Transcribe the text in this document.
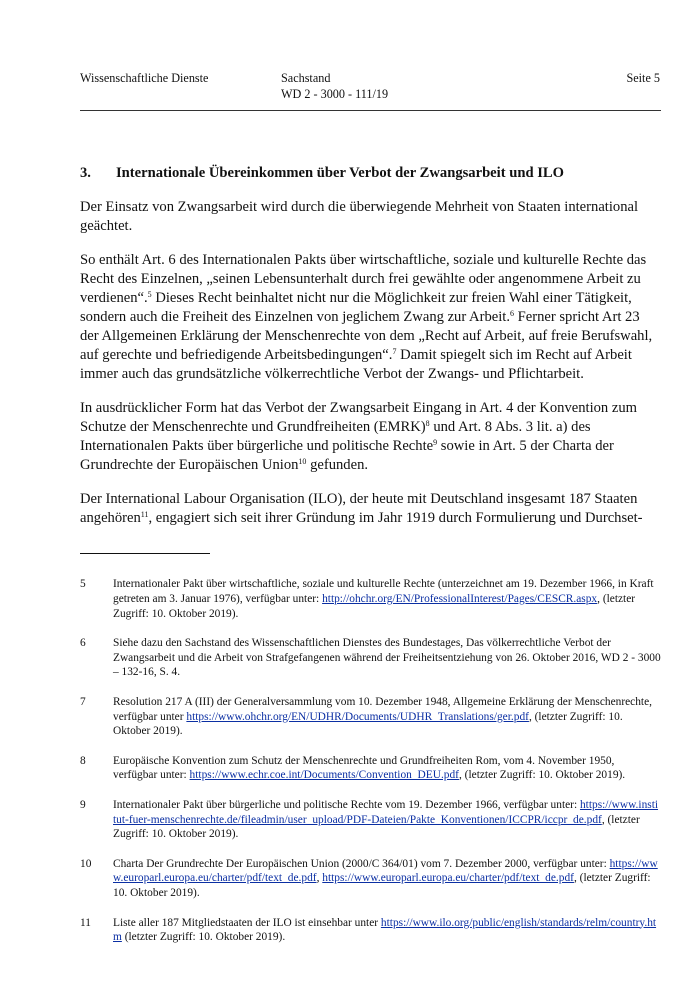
Wissenschaftliche Dienste	Sachstand
WD 2 - 3000 - 111/19
Seite 5
3.	Internationale Übereinkommen über Verbot der Zwangsarbeit und ILO

Der Einsatz von Zwangsarbeit wird durch die überwiegende Mehrheit von Staaten international geächtet.

So enthält Art. 6 des Internationalen Pakts über wirtschaftliche, soziale und kulturelle Rechte das Recht des Einzelnen, „seinen Lebensunterhalt durch frei gewählte oder angenommene Arbeit zu verdienen“.$^5$ Dieses Recht beinhaltet nicht nur die Möglichkeit zur freien Wahl einer Tätigkeit, sondern auch die Freiheit des Einzelnen von jeglichem Zwang zur Arbeit.$^6$ Ferner spricht Art 23 der Allgemeinen Erklärung der Menschenrechte von dem „Recht auf Arbeit, auf freie Berufswahl, auf gerechte und befriedigende Arbeitsbedingungen“.$^7$ Damit spiegelt sich im Recht auf Arbeit immer auch das grundsätzliche völkerrechtliche Verbot der Zwangs- und Pflichtarbeit.

In ausdrücklicher Form hat das Verbot der Zwangsarbeit Eingang in Art. 4 der Konvention zum Schutze der Menschenrechte und Grundfreiheiten (EMRK)$^8$ und Art. 8 Abs. 3 lit. a) des Internationalen Pakts über bürgerliche und politische Rechte$^9$ sowie in Art. 5 der Charta der Grundrechte der Europäischen Union$^{10}$ gefunden.

Der International Labour Organisation (ILO), der heute mit Deutschland insgesamt 187 Staaten angehören$^{11}$, engagiert sich seit ihrer Gründung im Jahr 1919 durch Formulierung und Durchset-

5	Internationaler Pakt über wirtschaftliche, soziale und kulturelle Rechte (unterzeichnet am 19. Dezember 1966, in Kraft getreten am 3. Januar 1976), verfügbar unter: http://ohchr.org/EN/ProfessionalInterest/Pages/CESCR.aspx, (letzter Zugriff: 10. Oktober 2019).
6	Siehe dazu den Sachstand des Wissenschaftlichen Dienstes des Bundestages, Das völkerrechtliche Verbot der Zwangsarbeit und die Arbeit von Strafgefangenen während der Freiheitsentziehung von 26. Oktober 2016, WD 2 - 3000 – 132-16, S. 4.
7	Resolution 217 A (III) der Generalversammlung vom 10. Dezember 1948, Allgemeine Erklärung der Menschenrechte, verfügbar unter https://www.ohchr.org/EN/UDHR/Documents/UDHR_Translations/ger.pdf, (letzter Zugriff: 10. Oktober 2019).
8	Europäische Konvention zum Schutz der Menschenrechte und Grundfreiheiten Rom, vom 4. November 1950, verfügbar unter: https://www.echr.coe.int/Documents/Convention_DEU.pdf, (letzter Zugriff: 10. Oktober 2019).
9	Internationaler Pakt über bürgerliche und politische Rechte vom 19. Dezember 1966, verfügbar unter: https://www.institut-fuer-menschenrechte.de/fileadmin/user_upload/PDF-Dateien/Pakte_Konventionen/ICCPR/iccpr_de.pdf, (letzter Zugriff: 10. Oktober 2019).
10	Charta Der Grundrechte Der Europäischen Union (2000/C 364/01) vom 7. Dezember 2000, verfügbar unter: https://www.europarl.europa.eu/charter/pdf/text_de.pdf, https://www.europarl.europa.eu/charter/pdf/text_de.pdf, (letzter Zugriff: 10. Oktober 2019).
11	Liste aller 187 Mitgliedstaaten der ILO ist einsehbar unter https://www.ilo.org/public/english/standards/relm/country.htm (letzter Zugriff: 10. Oktober 2019).
